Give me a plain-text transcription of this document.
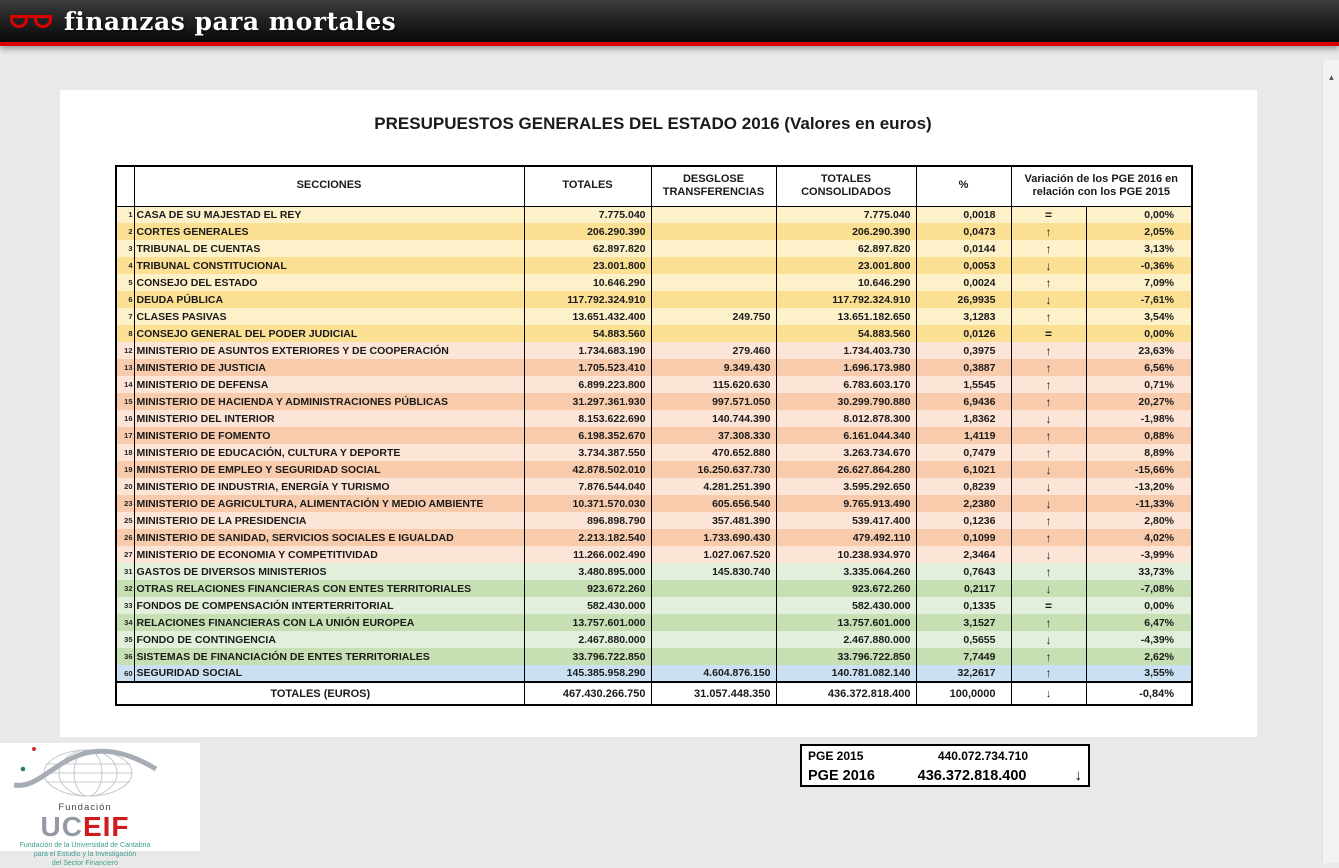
finanzas para mortales
▲
PRESUPUESTOS GENERALES DEL ESTADO 2016 (Valores en euros)
	SECCIONES	TOTALES	DESGLOSE TRANSFERENCIAS	TOTALES CONSOLIDADOS	%	Variación de los PGE 2016 en relación con los PGE 2015	
1	CASA DE SU MAJESTAD EL REY	7.775.040		7.775.040	0,0018	=	0,00%
2	CORTES GENERALES	206.290.390		206.290.390	0,0473	↑	2,05%
3	TRIBUNAL DE CUENTAS	62.897.820		62.897.820	0,0144	↑	3,13%
4	TRIBUNAL CONSTITUCIONAL	23.001.800		23.001.800	0,0053	↓	-0,36%
5	CONSEJO DEL ESTADO	10.646.290		10.646.290	0,0024	↑	7,09%
6	DEUDA PÚBLICA	117.792.324.910		117.792.324.910	26,9935	↓	-7,61%
7	CLASES PASIVAS	13.651.432.400	249.750	13.651.182.650	3,1283	↑	3,54%
8	CONSEJO GENERAL DEL PODER JUDICIAL	54.883.560		54.883.560	0,0126	=	0,00%
12	MINISTERIO DE ASUNTOS EXTERIORES Y DE COOPERACIÓN	1.734.683.190	279.460	1.734.403.730	0,3975	↑	23,63%
13	MINISTERIO DE JUSTICIA	1.705.523.410	9.349.430	1.696.173.980	0,3887	↑	6,56%
14	MINISTERIO DE DEFENSA	6.899.223.800	115.620.630	6.783.603.170	1,5545	↑	0,71%
15	MINISTERIO DE HACIENDA Y ADMINISTRACIONES PÚBLICAS	31.297.361.930	997.571.050	30.299.790.880	6,9436	↑	20,27%
16	MINISTERIO DEL INTERIOR	8.153.622.690	140.744.390	8.012.878.300	1,8362	↓	-1,98%
17	MINISTERIO DE FOMENTO	6.198.352.670	37.308.330	6.161.044.340	1,4119	↑	0,88%
18	MINISTERIO DE EDUCACIÓN, CULTURA Y DEPORTE	3.734.387.550	470.652.880	3.263.734.670	0,7479	↑	8,89%
19	MINISTERIO DE EMPLEO Y SEGURIDAD SOCIAL	42.878.502.010	16.250.637.730	26.627.864.280	6,1021	↓	-15,66%
20	MINISTERIO DE INDUSTRIA, ENERGÍA Y TURISMO	7.876.544.040	4.281.251.390	3.595.292.650	0,8239	↓	-13,20%
23	MINISTERIO DE AGRICULTURA, ALIMENTACIÓN Y MEDIO AMBIENTE	10.371.570.030	605.656.540	9.765.913.490	2,2380	↓	-11,33%
25	MINISTERIO DE LA PRESIDENCIA	896.898.790	357.481.390	539.417.400	0,1236	↑	2,80%
26	MINISTERIO DE SANIDAD, SERVICIOS SOCIALES E IGUALDAD	2.213.182.540	1.733.690.430	479.492.110	0,1099	↑	4,02%
27	MINISTERIO DE ECONOMIA Y COMPETITIVIDAD	11.266.002.490	1.027.067.520	10.238.934.970	2,3464	↓	-3,99%
31	GASTOS DE DIVERSOS MINISTERIOS	3.480.895.000	145.830.740	3.335.064.260	0,7643	↑	33,73%
32	OTRAS RELACIONES FINANCIERAS CON ENTES TERRITORIALES	923.672.260		923.672.260	0,2117	↓	-7,08%
33	FONDOS DE COMPENSACIÓN INTERTERRITORIAL	582.430.000		582.430.000	0,1335	=	0,00%
34	RELACIONES FINANCIERAS CON LA UNIÓN EUROPEA	13.757.601.000		13.757.601.000	3,1527	↑	6,47%
35	FONDO DE CONTINGENCIA	2.467.880.000		2.467.880.000	0,5655	↓	-4,39%
36	SISTEMAS DE FINANCIACIÓN DE ENTES TERRITORIALES	33.796.722.850		33.796.722.850	7,7449	↑	2,62%
60	SEGURIDAD SOCIAL	145.385.958.290	4.604.876.150	140.781.082.140	32,2617	↑	3,55%
TOTALES (EUROS)		467.430.266.750	31.057.448.350	436.372.818.400	100,0000	↓	-0,84%
PGE 2015	440.072.734.710
PGE 2016	436.372.818.400	↓
Fundación
UCEIF
Fundación de la Universidad de Cantabria
para el Estudio y la Investigación
del Sector Financiero
